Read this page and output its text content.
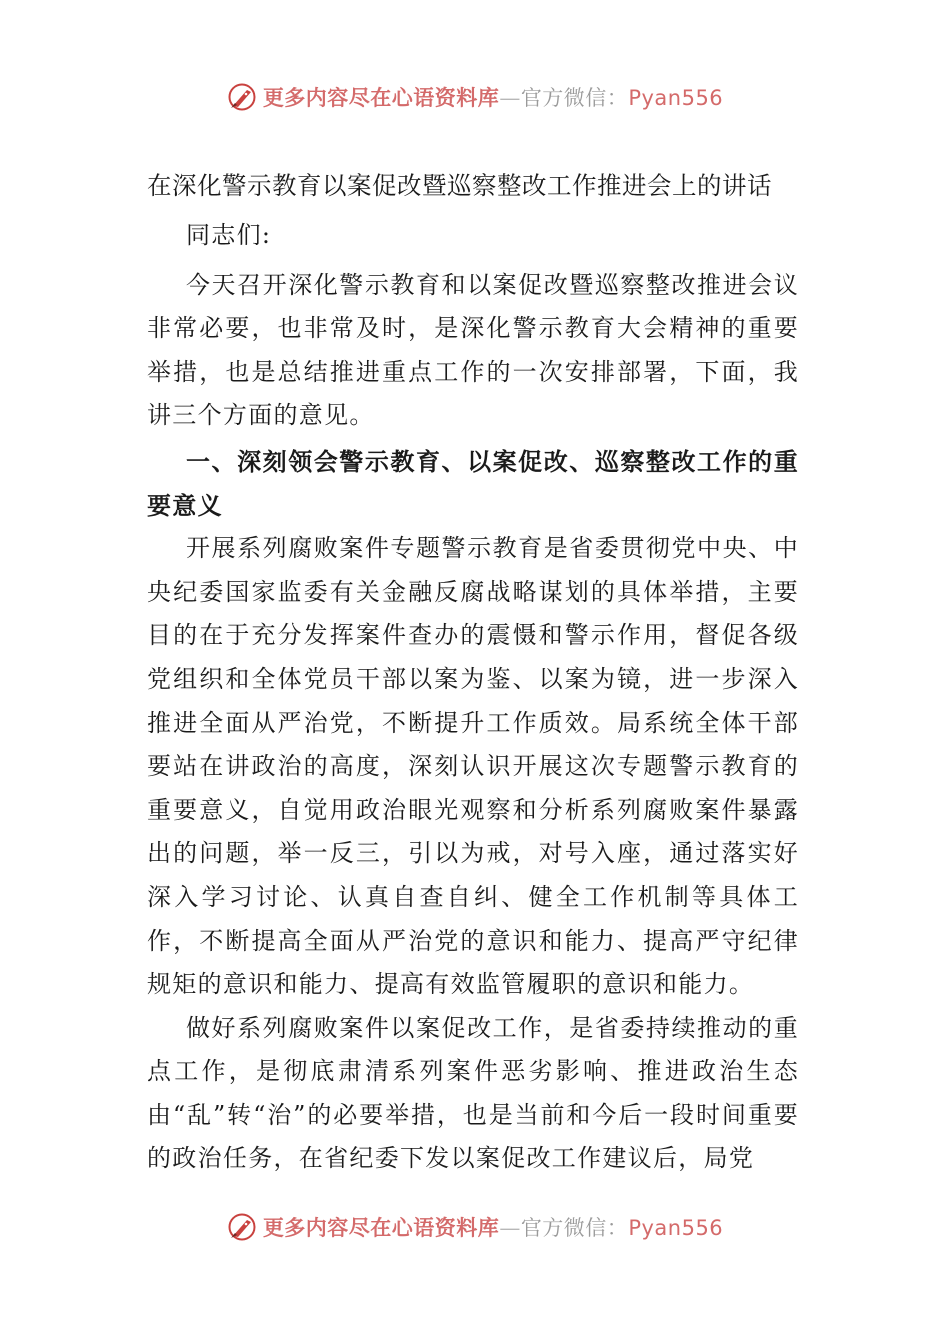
更多内容尽在心语资料库—官方微信：Pyan556
在深化警示教育以案促改暨巡察整改工作推进会上的讲话

同志们:

今天召开深化警示教育和以案促改暨巡察整改推进会议非常必要，也非常及时，是深化警示教育大会精神的重要举措，也是总结推进重点工作的一次安排部署，下面，我讲三个方面的意见。

一、深刻领会警示教育、以案促改、巡察整改工作的重要意义

开展系列腐败案件专题警示教育是省委贯彻党中央、中央纪委国家监委有关金融反腐战略谋划的具体举措，主要目的在于充分发挥案件查办的震慑和警示作用，督促各级党组织和全体党员干部以案为鉴、以案为镜，进一步深入推进全面从严治党，不断提升工作质效。局系统全体干部要站在讲政治的高度，深刻认识开展这次专题警示教育的重要意义，自觉用政治眼光观察和分析系列腐败案件暴露出的问题，举一反三，引以为戒，对号入座，通过落实好深入学习讨论、认真自查自纠、健全工作机制等具体工作，不断提高全面从严治党的意识和能力、提高严守纪律规矩的意识和能力、提高有效监管履职的意识和能力。

做好系列腐败案件以案促改工作，是省委持续推动的重点工作，是彻底肃清系列案件恶劣影响、推进政治生态由“乱”转“治”的必要举措，也是当前和今后一段时间重要的政治任务，在省纪委下发以案促改工作建议后，局党

更多内容尽在心语资料库—官方微信：Pyan556
